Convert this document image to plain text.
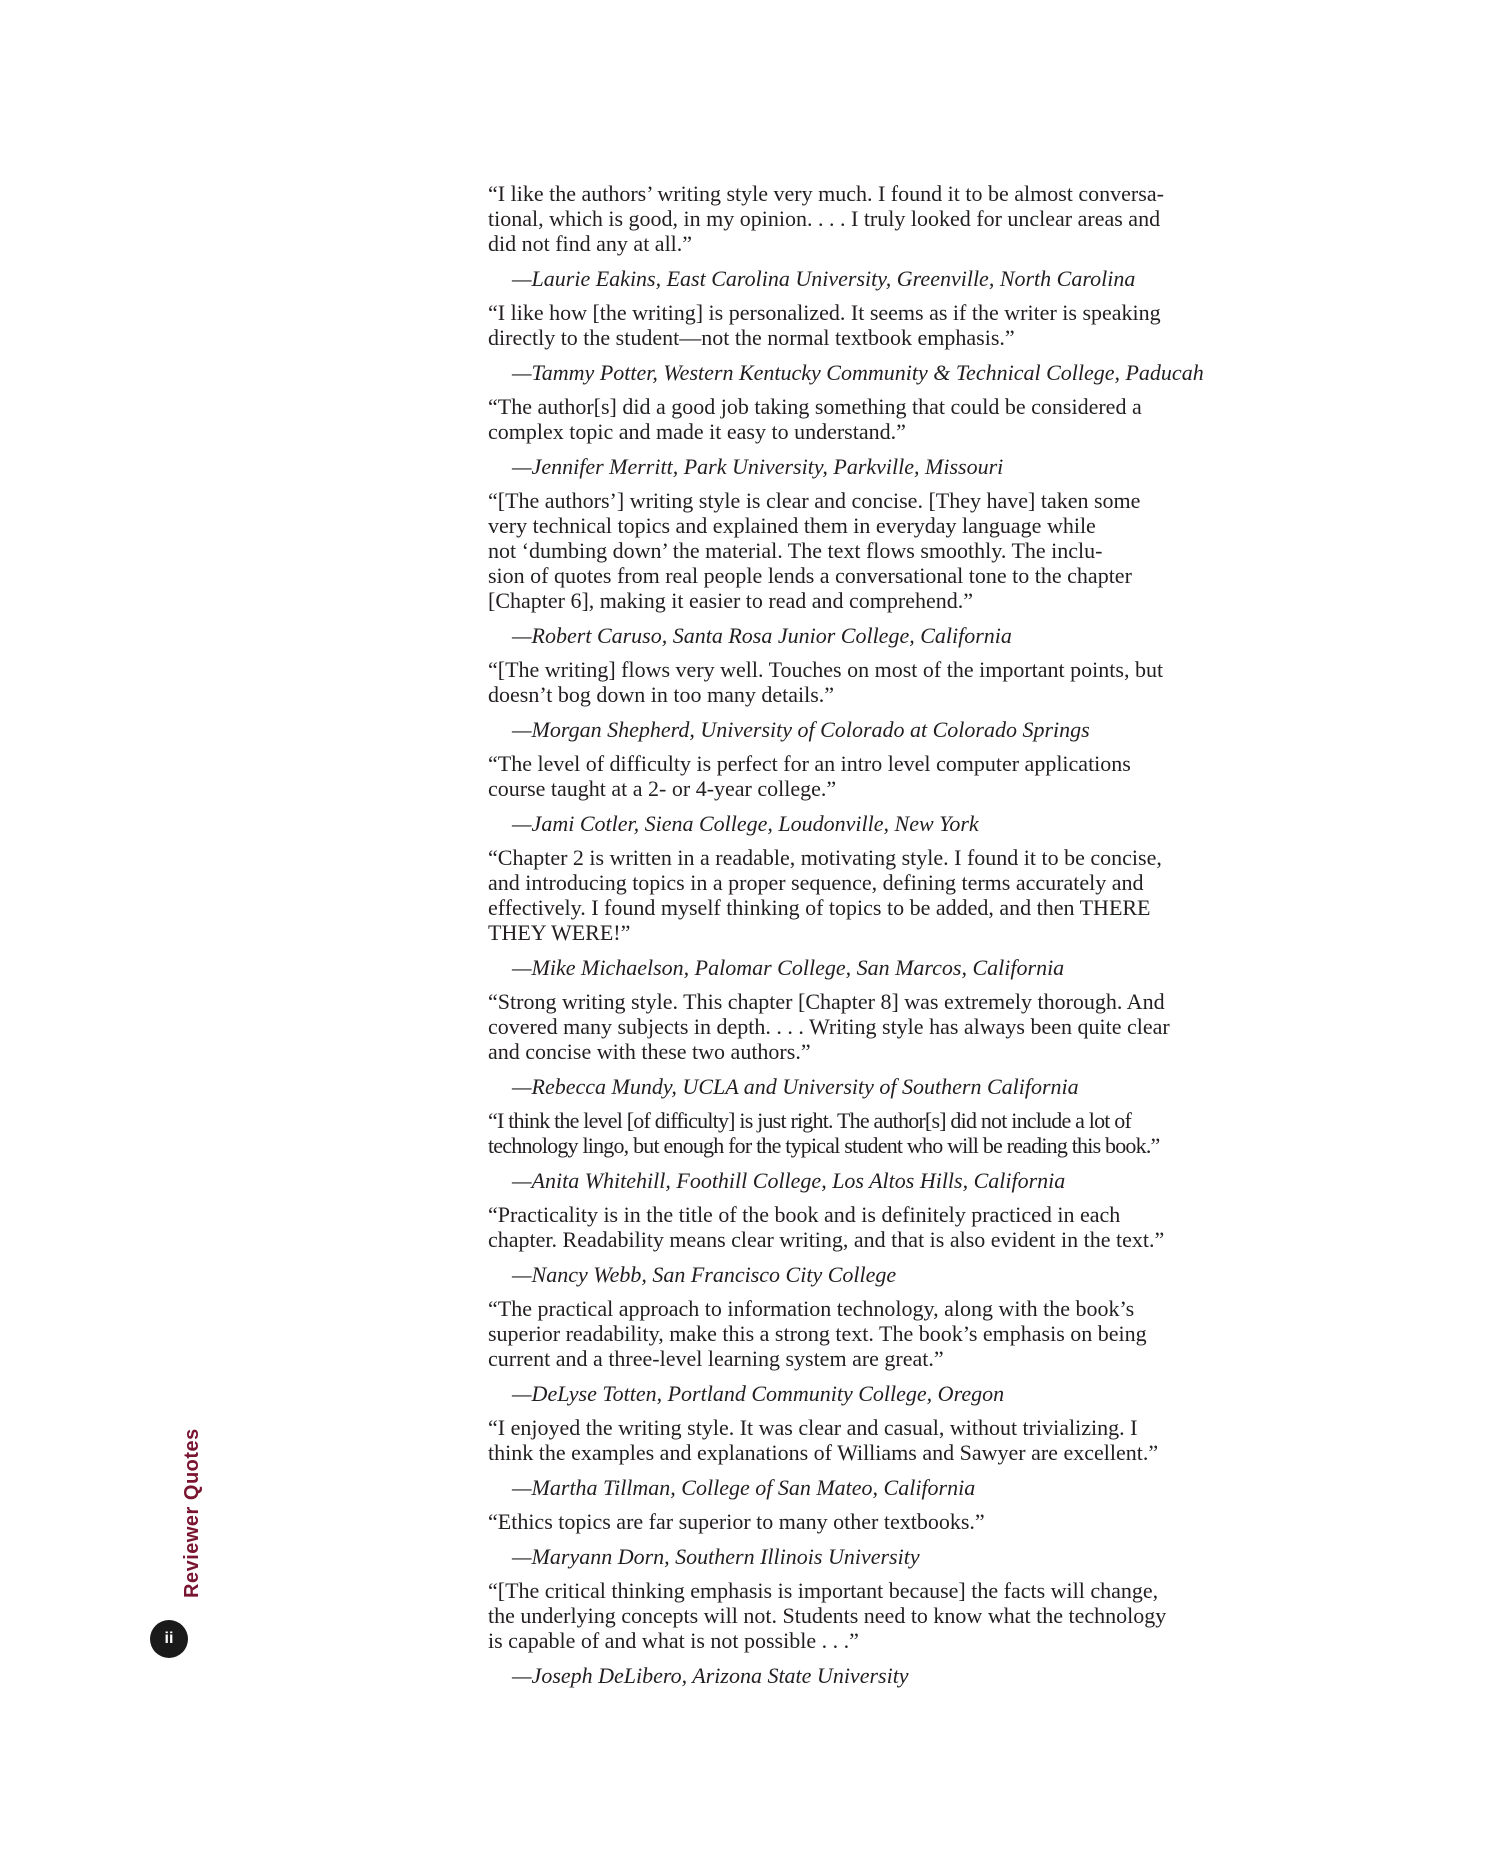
“I like the authors’ writing style very much. I found it to be almost conversa-
tional, which is good, in my opinion. . . . I truly looked for unclear areas and
did not find any at all.”

—Laurie Eakins, East Carolina University, Greenville, North Carolina

“I like how [the writing] is personalized. It seems as if the writer is speaking
directly to the student—not the normal textbook emphasis.”

—Tammy Potter, Western Kentucky Community & Technical College, Paducah

“The author[s] did a good job taking something that could be considered a
complex topic and made it easy to understand.”

—Jennifer Merritt, Park University, Parkville, Missouri

“[The authors’] writing style is clear and concise. [They have] taken some
very technical topics and explained them in everyday language while
not ‘dumbing down’ the material. The text flows smoothly. The inclu-
sion of quotes from real people lends a conversational tone to the chapter
[Chapter 6], making it easier to read and comprehend.”

—Robert Caruso, Santa Rosa Junior College, California

“[The writing] flows very well. Touches on most of the important points, but
doesn’t bog down in too many details.”

—Morgan Shepherd, University of Colorado at Colorado Springs

“The level of difficulty is perfect for an intro level computer applications
course taught at a 2- or 4-year college.”

—Jami Cotler, Siena College, Loudonville, New York

“Chapter 2 is written in a readable, motivating style. I found it to be concise,
and introducing topics in a proper sequence, defining terms accurately and
effectively. I found myself thinking of topics to be added, and then THERE
THEY WERE!”

—Mike Michaelson, Palomar College, San Marcos, California

“Strong writing style. This chapter [Chapter 8] was extremely thorough. And
covered many subjects in depth. . . . Writing style has always been quite clear
and concise with these two authors.”

—Rebecca Mundy, UCLA and University of Southern California

“I think the level [of difficulty] is just right. The author[s] did not include a lot of
technology lingo, but enough for the typical student who will be reading this book.”

—Anita Whitehill, Foothill College, Los Altos Hills, California

“Practicality is in the title of the book and is definitely practiced in each
chapter. Readability means clear writing, and that is also evident in the text.”

—Nancy Webb, San Francisco City College

“The practical approach to information technology, along with the book’s
superior readability, make this a strong text. The book’s emphasis on being
current and a three-level learning system are great.”

—DeLyse Totten, Portland Community College, Oregon

“I enjoyed the writing style. It was clear and casual, without trivializing. I
think the examples and explanations of Williams and Sawyer are excellent.”

—Martha Tillman, College of San Mateo, California

“Ethics topics are far superior to many other textbooks.”

—Maryann Dorn, Southern Illinois University

“[The critical thinking emphasis is important because] the facts will change,
the underlying concepts will not. Students need to know what the technology
is capable of and what is not possible . . .”

—Joseph DeLibero, Arizona State University

Reviewer Quotes
ii
